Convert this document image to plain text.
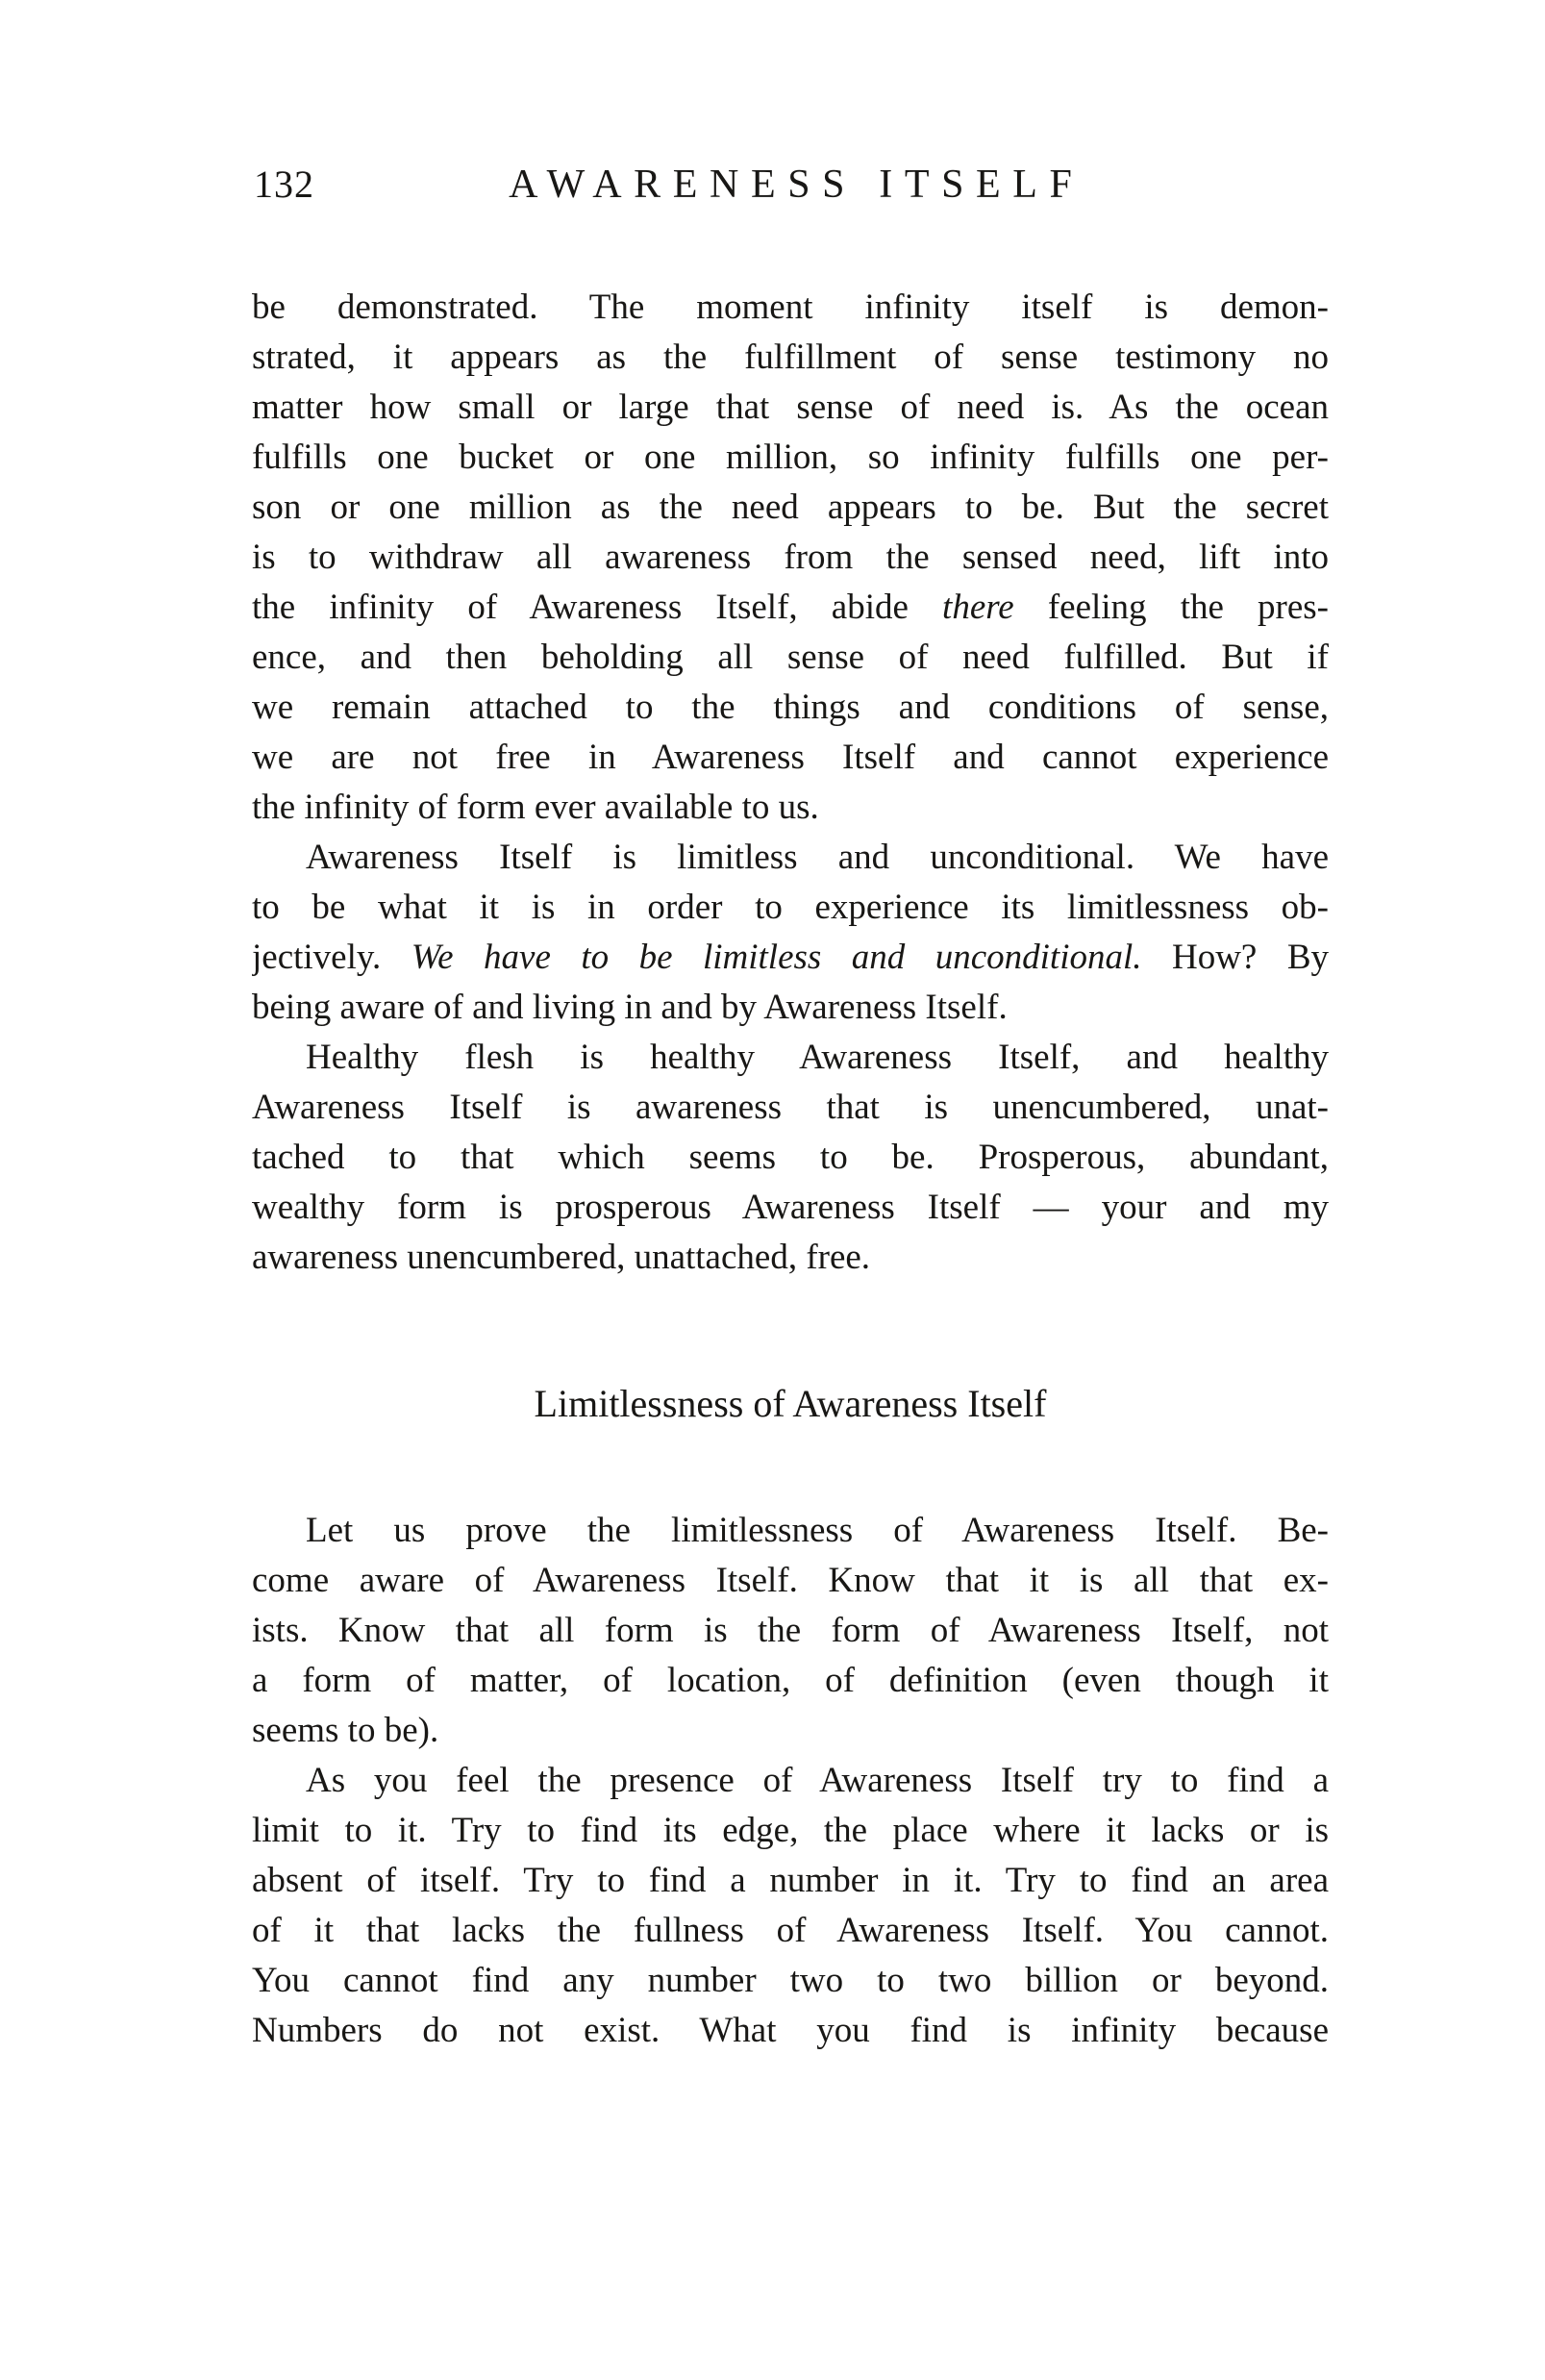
132	AWARENESS ITSELF
be demonstrated. The moment infinity itself is demon-
strated, it appears as the fulfillment of sense testimony no
matter how small or large that sense of need is. As the ocean
fulfills one bucket or one million, so infinity fulfills one per-
son or one million as the need appears to be. But the secret
is to withdraw all awareness from the sensed need, lift into
the infinity of Awareness Itself, abide there feeling the pres-
ence, and then beholding all sense of need fulfilled. But if
we remain attached to the things and conditions of sense,
we are not free in Awareness Itself and cannot experience
the infinity of form ever available to us.
Awareness Itself is limitless and unconditional. We have
to be what it is in order to experience its limitlessness ob-
jectively. We have to be limitless and unconditional. How? By
being aware of and living in and by Awareness Itself.
Healthy flesh is healthy Awareness Itself, and healthy
Awareness Itself is awareness that is unencumbered, unat-
tached to that which seems to be. Prosperous, abundant,
wealthy form is prosperous Awareness Itself — your and my
awareness unencumbered, unattached, free.
Limitlessness of Awareness Itself
Let us prove the limitlessness of Awareness Itself. Be-
come aware of Awareness Itself. Know that it is all that ex-
ists. Know that all form is the form of Awareness Itself, not
a form of matter, of location, of definition (even though it
seems to be).
As you feel the presence of Awareness Itself try to find a
limit to it. Try to find its edge, the place where it lacks or is
absent of itself. Try to find a number in it. Try to find an area
of it that lacks the fullness of Awareness Itself. You cannot.
You cannot find any number two to two billion or beyond.
Numbers do not exist. What you find is infinity because
